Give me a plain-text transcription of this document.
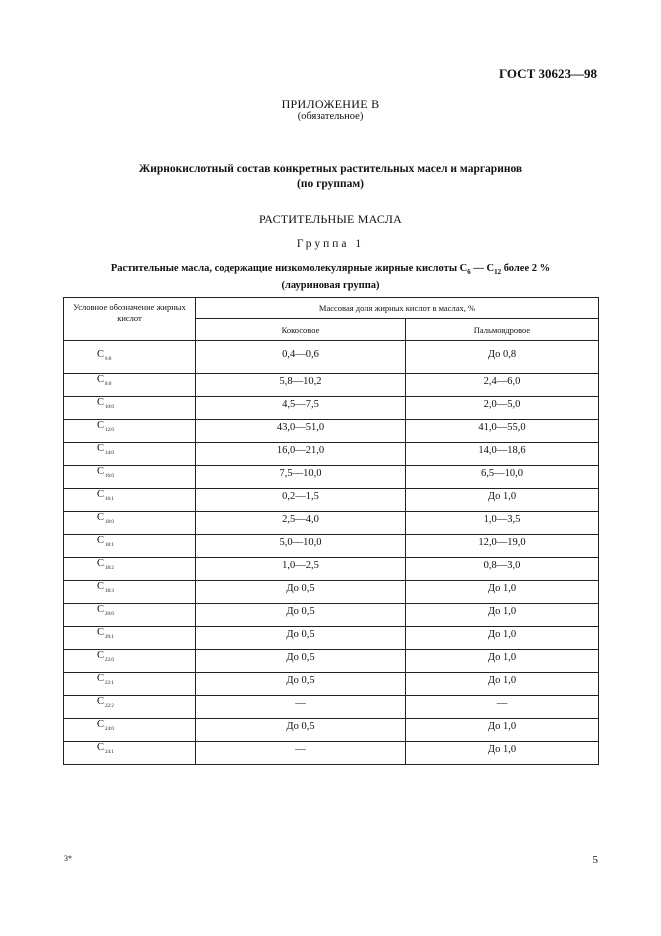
ГОСТ 30623—98
ПРИЛОЖЕНИЕ В
(обязательное)
Жирнокислотный состав конкретных растительных масел и маргаринов
(по группам)
РАСТИТЕЛЬНЫЕ МАСЛА
Группа 1
Растительные масла, содержащие низкомолекулярные жирные кислоты $С_6$ — $С_{12}$ более 2 %
(лауриновая группа)
Условное обозначение жирных кислот	Массовая доля жирных кислот в маслах, %	
	Кокосовое	Пальмоядровое
$С_{6:0}$	0,4—0,6	До 0,8
$С_{8:0}$	5,8—10,2	2,4—6,0
$С_{10:0}$	4,5—7,5	2,0—5,0
$С_{12:0}$	43,0—51,0	41,0—55,0
$С_{14:0}$	16,0—21,0	14,0—18,6
$С_{16:0}$	7,5—10,0	6,5—10,0
$С_{16:1}$	0,2—1,5	До 1,0
$С_{18:0}$	2,5—4,0	1,0—3,5
$С_{18:1}$	5,0—10,0	12,0—19,0
$С_{18:2}$	1,0—2,5	0,8—3,0
$С_{18:3}$	До 0,5	До 1,0
$С_{20:0}$	До 0,5	До 1,0
$С_{20:1}$	До 0,5	До 1,0
$С_{22:0}$	До 0,5	До 1,0
$С_{22:1}$	До 0,5	До 1,0
$С_{22:2}$	—	—
$С_{24:0}$	До 0,5	До 1,0
$С_{24:1}$	—	До 1,0
3*	5
